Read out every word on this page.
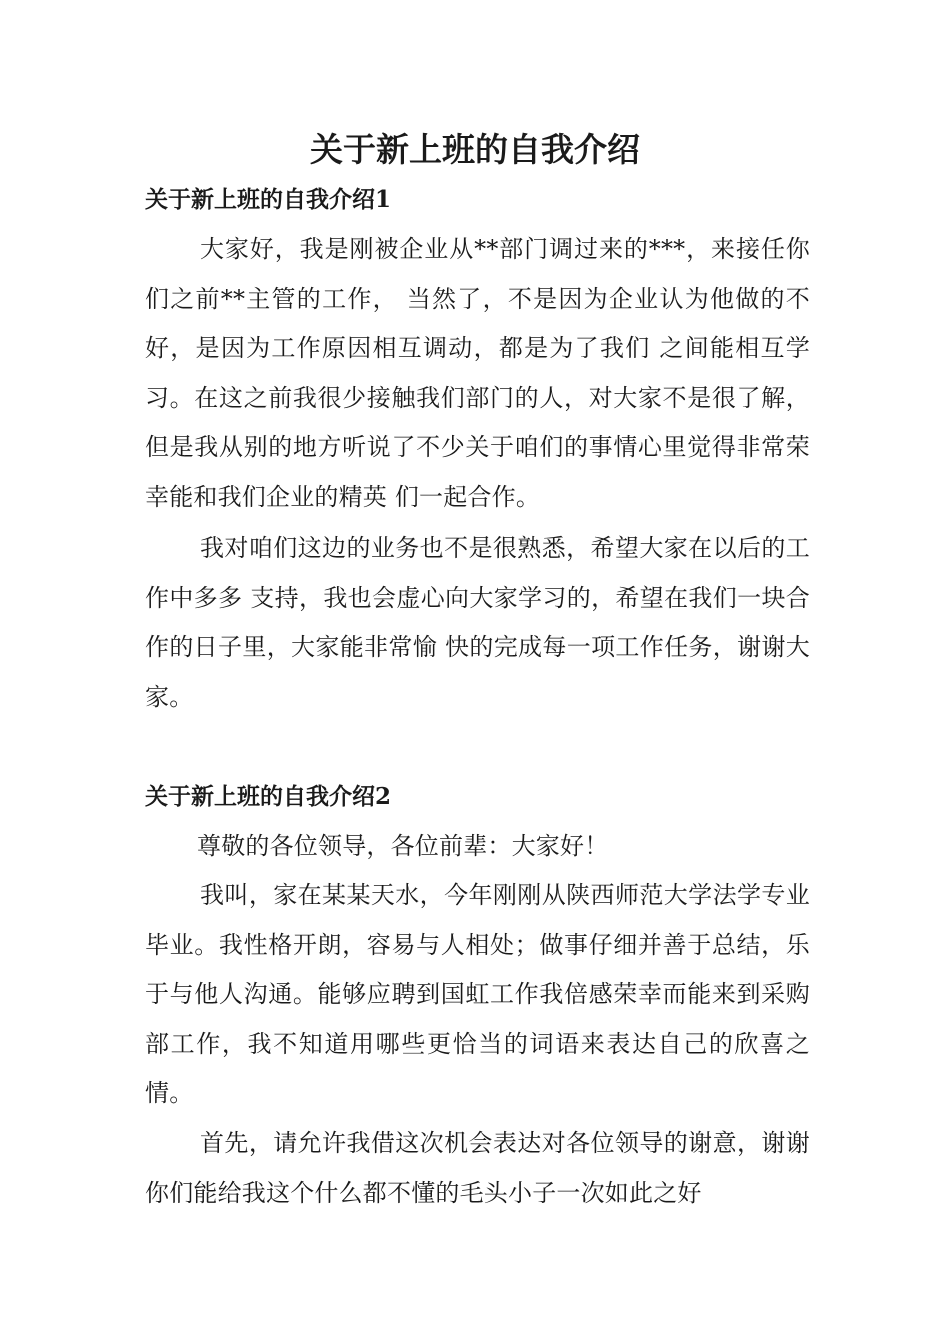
关于新上班的自我介绍
关于新上班的自我介绍1

大家好，我是刚被企业从**部门调过来的***，来接任你们之前**主管的工作， 当然了，不是因为企业认为他做的不好，是因为工作原因相互调动，都是为了我们 之间能相互学习。在这之前我很少接触我们部门的人，对大家不是很了解，但是我从别的地方听说了不少关于咱们的事情心里觉得非常荣幸能和我们企业的精英 们一起合作。

我对咱们这边的业务也不是很熟悉，希望大家在以后的工作中多多 支持，我也会虚心向大家学习的，希望在我们一块合作的日子里，大家能非常愉 快的完成每一项工作任务，谢谢大家。

关于新上班的自我介绍2

尊敬的各位领导，各位前辈：大家好！

我叫，家在某某天水，今年刚刚从陕西师范大学法学专业毕业。我性格开朗，容易与人相处；做事仔细并善于总结，乐于与他人沟通。能够应聘到国虹工作我倍感荣幸而能来到采购部工作，我不知道用哪些更恰当的词语来表达自己的欣喜之情。

首先，请允许我借这次机会表达对各位领导的谢意，谢谢你们能给我这个什么都不懂的毛头小子一次如此之好
